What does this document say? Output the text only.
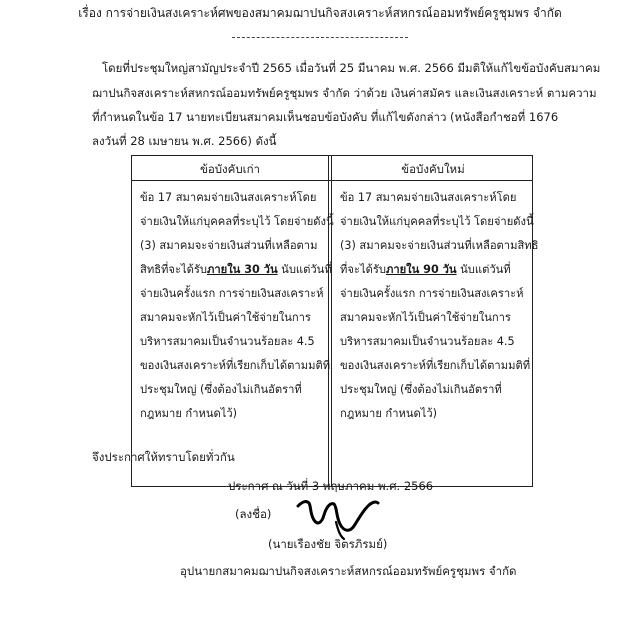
เรื่อง การจ่ายเงินสงเคราะห์ศพของสมาคมฌาปนกิจสงเคราะห์สหกรณ์ออมทรัพย์ครูชุมพร จำกัด
โดยที่ประชุมใหญ่สามัญประจำปี 2565 เมื่อวันที่ 25 มีนาคม พ.ศ. 2566 มีมติให้แก้ไขข้อบังคับสมาคม
ฌาปนกิจสงเคราะห์สหกรณ์ออมทรัพย์ครูชุมพร จำกัด ว่าด้วย เงินค่าสมัคร และเงินสงเคราะห์ ตามความ
ที่กำหนดในข้อ 17 นายทะเบียนสมาคมเห็นชอบข้อบังคับ ที่แก้ไขดังกล่าว (หนังสือกำชอที่ 1676
ลงวันที่ 28 เมษายน พ.ศ. 2566) ดังนี้
ข้อบังคับเก่า	ข้อบังคับใหม่
ข้อ 17 สมาคมจ่ายเงินสงเคราะห์โดย
จ่ายเงินให้แก่บุคคลที่ระบุไว้ โดยจ่ายดังนี้
(3) สมาคมจะจ่ายเงินส่วนที่เหลือตาม
สิทธิที่จะได้รับภายใน 30 วัน นับแต่วันที่
จ่ายเงินครั้งแรก การจ่ายเงินสงเคราะห์
สมาคมจะหักไว้เป็นค่าใช้จ่ายในการ
บริหารสมาคมเป็นจำนวนร้อยละ 4.5
ของเงินสงเคราะห์ที่เรียกเก็บได้ตามมติที่
ประชุมใหญ่ (ซึ่งต้องไม่เกินอัตราที่
กฎหมาย กำหนดไว้)
ข้อ 17 สมาคมจ่ายเงินสงเคราะห์โดย
จ่ายเงินให้แก่บุคคลที่ระบุไว้ โดยจ่ายดังนี้
(3) สมาคมจะจ่ายเงินส่วนที่เหลือตามสิทธิ
ที่จะได้รับภายใน 90 วัน นับแต่วันที่
จ่ายเงินครั้งแรก การจ่ายเงินสงเคราะห์
สมาคมจะหักไว้เป็นค่าใช้จ่ายในการ
บริหารสมาคมเป็นจำนวนร้อยละ 4.5
ของเงินสงเคราะห์ที่เรียกเก็บได้ตามมติที่
ประชุมใหญ่ (ซึ่งต้องไม่เกินอัตราที่
กฎหมาย กำหนดไว้)
จึงประกาศให้ทราบโดยทั่วกัน
ประกาศ ณ วันที่ 3 พฤษภาคม พ.ศ. 2566
(ลงชื่อ)
(นายเรืองชัย จิตรภิรมย์)
อุปนายกสมาคมฌาปนกิจสงเคราะห์สหกรณ์ออมทรัพย์ครูชุมพร จำกัด
